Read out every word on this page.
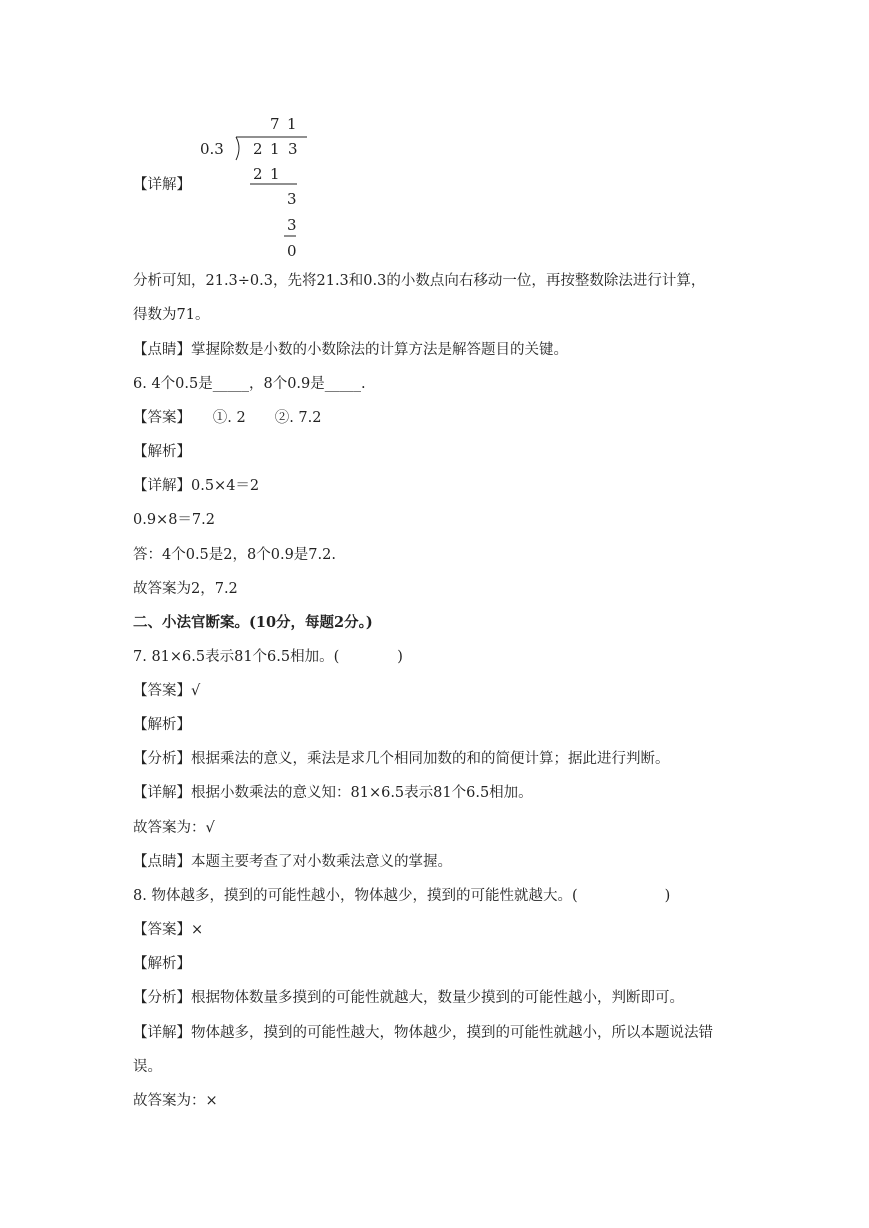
【详解】
7 1
0.3 2 1 3
2 1
3
3
0
分析可知，21.3÷0.3，先将21.3和0.3的小数点向右移动一位，再按整数除法进行计算，
得数为71。
【点睛】掌握除数是小数的小数除法的计算方法是解答题目的关键。
6. 4个0.5是_____，8个0.9是_____.
【答案】　　①. 2　　②. 7.2
【解析】
【详解】0.5×4＝2
0.9×8＝7.2
答：4个0.5是2，8个0.9是7.2.
故答案为2，7.2
二、小法官断案。(10分，每题2分。)
7. 81×6.5表示81个6.5相加。(　　　　)
【答案】√
【解析】
【分析】根据乘法的意义，乘法是求几个相同加数的和的简便计算；据此进行判断。
【详解】根据小数乘法的意义知：81×6.5表示81个6.5相加。
故答案为：√
【点睛】本题主要考查了对小数乘法意义的掌握。
8. 物体越多，摸到的可能性越小，物体越少，摸到的可能性就越大。(　　　　　　)
【答案】×
【解析】
【分析】根据物体数量多摸到的可能性就越大，数量少摸到的可能性越小，判断即可。
【详解】物体越多，摸到的可能性越大，物体越少，摸到的可能性就越小，所以本题说法错
误。
故答案为：×
